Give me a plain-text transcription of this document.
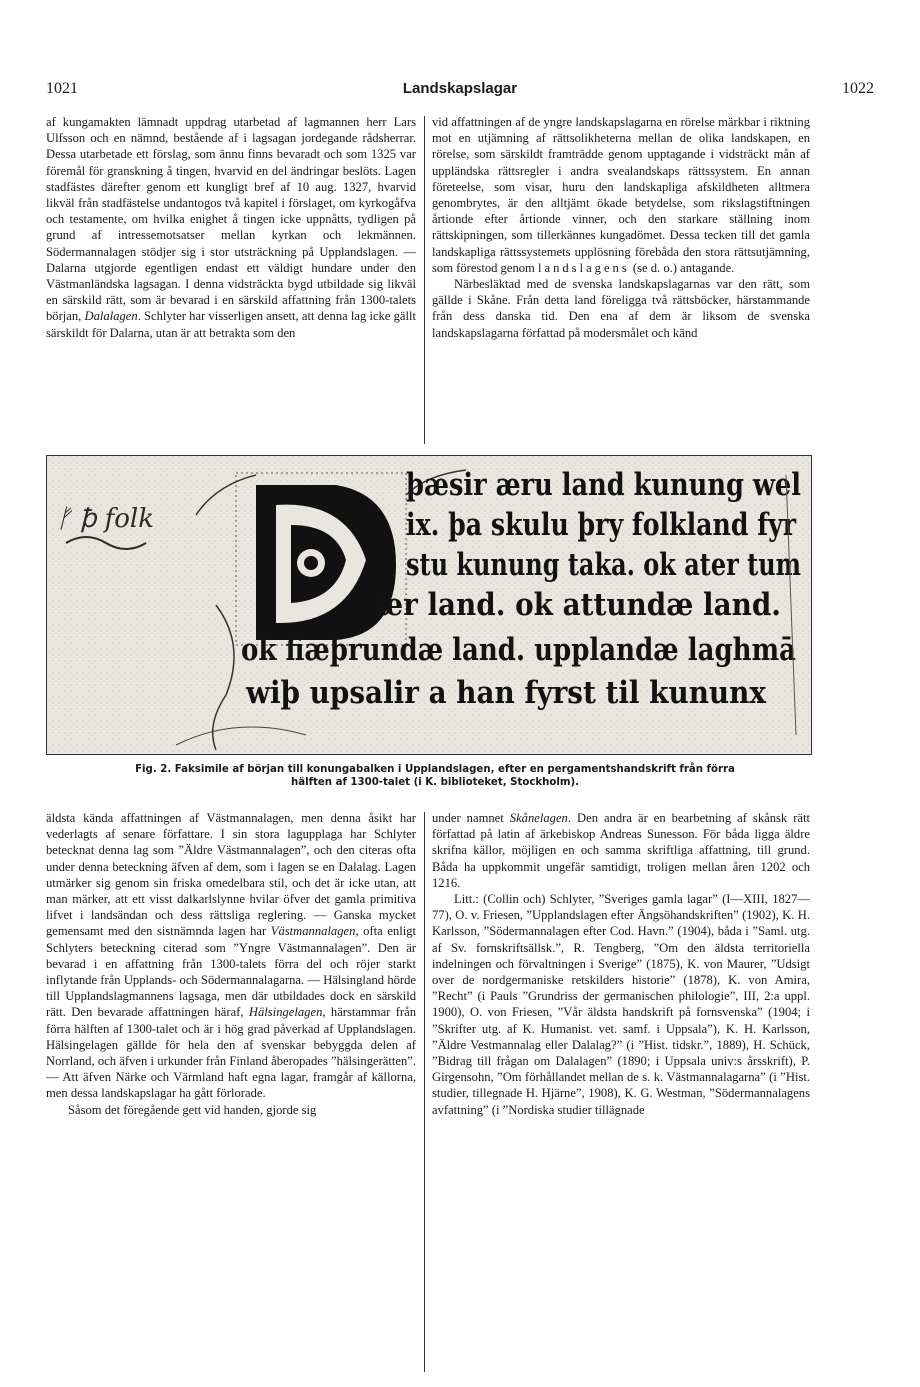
1021	Landskapslagar	1022

af kungamakten lämnadt uppdrag utarbetad af lagmannen herr Lars Ulfsson och en nämnd, bestående af i lagsagan jordegande rådsherrar. Dessa utarbetade ett förslag, som ännu finns bevaradt och som 1325 var föremål för granskning å tingen, hvarvid en del ändringar beslöts. Lagen stadfästes därefter genom ett kungligt bref af 10 aug. 1327, hvarvid likväl från stadfästelse undantogos två kapitel i förslaget, om kyrkogåfva och testamente, om hvilka enighet å tingen icke uppnåtts, tydligen på grund af intressemotsatser mellan kyrkan och lekmännen. Södermannalagen stödjer sig i stor utsträckning på Upplandslagen. — Dalarna utgjorde egentligen endast ett väldigt hundare under den Västmanländska lagsagan. I denna vidsträckta bygd utbildade sig likväl en särskild rätt, som är bevarad i en särskild affattning från 1300-talets början, Dalalagen. Schlyter har visserligen ansett, att denna lag icke gällt särskildt för Dalarna, utan är att betrakta som den

vid affattningen af de yngre landskapslagarna en rörelse märkbar i riktning mot en utjämning af rättsolikheterna mellan de olika landskapen, en rörelse, som särskildt framträdde genom upptagande i vidsträckt mån af uppländska rättsregler i andra svealandskaps rättssystem. En annan företeelse, som visar, huru den landskapliga afskildheten alltmera genombrytes, är den alltjämt ökade betydelse, som rikslagstiftningen årtionde efter årtionde vinner, och den starkare ställning inom rättskipningen, som tillerkännes kungadömet. Dessa tecken till det gamla landskapliga rättssystemets upplösning förebåda den stora rättsutjämning, som förestod genom landslagens (se d. o.) antagande.

Närbesläktad med de svenska landskapslagarnas var den rätt, som gällde i Skåne. Från detta land föreligga två rättsböcker, härstammande från dess danska tid. Den ena af dem är liksom de svenska landskapslagarna författad på modersmålet och känd

ᚠ ꝥ folk
þæsir æru land kunung wel
ix. þa skulu þry folkland fyr
stu kunung taka. ok ater tum
ær land. ok attundæ land.
ok fiæþrundæ land. upplandæ laghmā
wiþ upsalir a han fyrst til kununx
Fig. 2. Faksimile af början till konungabalken i Upplandslagen, efter en pergamentshandskrift från förra
hälften af 1300-talet (i K. biblioteket, Stockholm).

äldsta kända affattningen af Västmannalagen, men denna åsikt har vederlagts af senare författare. I sin stora lagupplaga har Schlyter betecknat denna lag som ”Äldre Västmannalagen”, och den citeras ofta under denna beteckning äfven af dem, som i lagen se en Dalalag. Lagen utmärker sig genom sin friska omedelbara stil, och det är icke utan, att man märker, att ett visst dalkarlslynne hvilar öfver det gamla primitiva lifvet i landsändan och dess rättsliga reglering. — Ganska mycket gemensamt med den sistnämnda lagen har Västmannalagen, ofta enligt Schlyters beteckning citerad som ”Yngre Västmannalagen”. Den är bevarad i en affattning från 1300-talets förra del och röjer starkt inflytande från Upplands- och Södermannalagarna. — Hälsingland hörde till Upplandslagmannens lagsaga, men där utbildades dock en särskild rätt. Den bevarade affattningen häraf, Hälsingelagen, härstammar från förra hälften af 1300-talet och är i hög grad påverkad af Upplandslagen. Hälsingelagen gällde för hela den af svenskar bebyggda delen af Norrland, och äfven i urkunder från Finland åberopades ”hälsingerätten”. — Att äfven Närke och Värmland haft egna lagar, framgår af källorna, men dessa landskapslagar ha gått förlorade.

Såsom det föregående gett vid handen, gjorde sig

under namnet Skånelagen. Den andra är en bearbetning af skånsk rätt författad på latin af ärkebiskop Andreas Sunesson. För båda ligga äldre skrifna källor, möjligen en och samma skriftliga affattning, till grund. Båda ha uppkommit ungefär samtidigt, troligen mellan åren 1202 och 1216.

Litt.: (Collin och) Schlyter, ”Sveriges gamla lagar” (I—XIII, 1827—77), O. v. Friesen, ”Upplandslagen efter Ängsöhandskriften” (1902), K. H. Karlsson, ”Södermannalagen efter Cod. Havn.” (1904), båda i ”Saml. utg. af Sv. fornskriftsällsk.”, R. Tengberg, ”Om den äldsta territoriella indelningen och förvaltningen i Sverige” (1875), K. von Maurer, ”Udsigt over de nordgermaniske retskilders historie” (1878), K. von Amira, ”Recht” (i Pauls ”Grundriss der germanischen philologie”, III, 2:a uppl. 1900), O. von Friesen, ”Vår äldsta handskrift på fornsvenska” (1904; i ”Skrifter utg. af K. Humanist. vet. samf. i Uppsala”), K. H. Karlsson, ”Äldre Vestmannalag eller Dalalag?” (i ”Hist. tidskr.”, 1889), H. Schück, ”Bidrag till frågan om Dalalagen” (1890; i Uppsala univ:s årsskrift), P. Girgensohn, ”Om förhållandet mellan de s. k. Västmannalagarna” (i ”Hist. studier, tillegnade H. Hjärne”, 1908), K. G. Westman, ”Södermannalagens avfattning” (i ”Nordiska studier tillägnade
